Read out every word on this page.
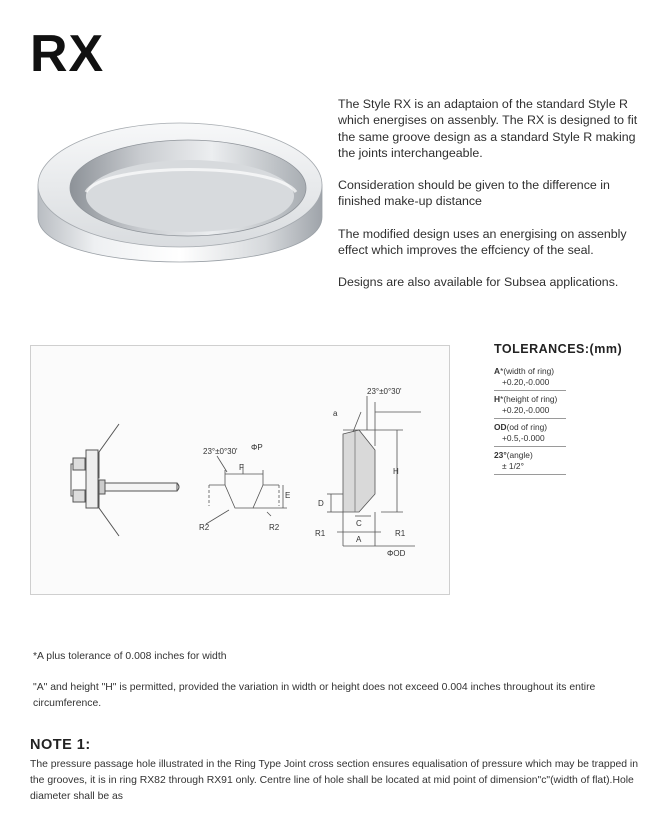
RX

The Style RX is an adaptaion of the standard Style R which energises on assenbly. The RX is designed to fit the same groove design as a standard Style R making the joints interchangeable.

Consideration should be given to the difference in finished make-up distance

The modified design uses an energising on assenbly effect which improves the effciency of the seal.

Designs are also available for Subsea applications.

23°±0°30' ΦP
F
E
R2	R2
23°±0°30'
a
H
D
C
R1	R1
A
ΦOD
TOLERANCES:(mm)
A*(width of ring)
+0.20,-0.000
H*(height of ring)
+0.20,-0.000
OD(od of ring)
+0.5,-0.000
23°(angle)
± 1/2°
*A plus tolerance of 0.008 inches for width
"A" and height "H" is permitted, provided the variation in width or height does not exceed 0.004 inches throughout its entire circumference.
NOTE 1:
The pressure passage hole illustrated in the Ring Type Joint cross section ensures equalisation of pressure which may be trapped in the grooves, it is in ring RX82 through RX91 only. Centre line of hole shall be located at mid point of dimension"c"(width of flat).Hole diameter shall be as
